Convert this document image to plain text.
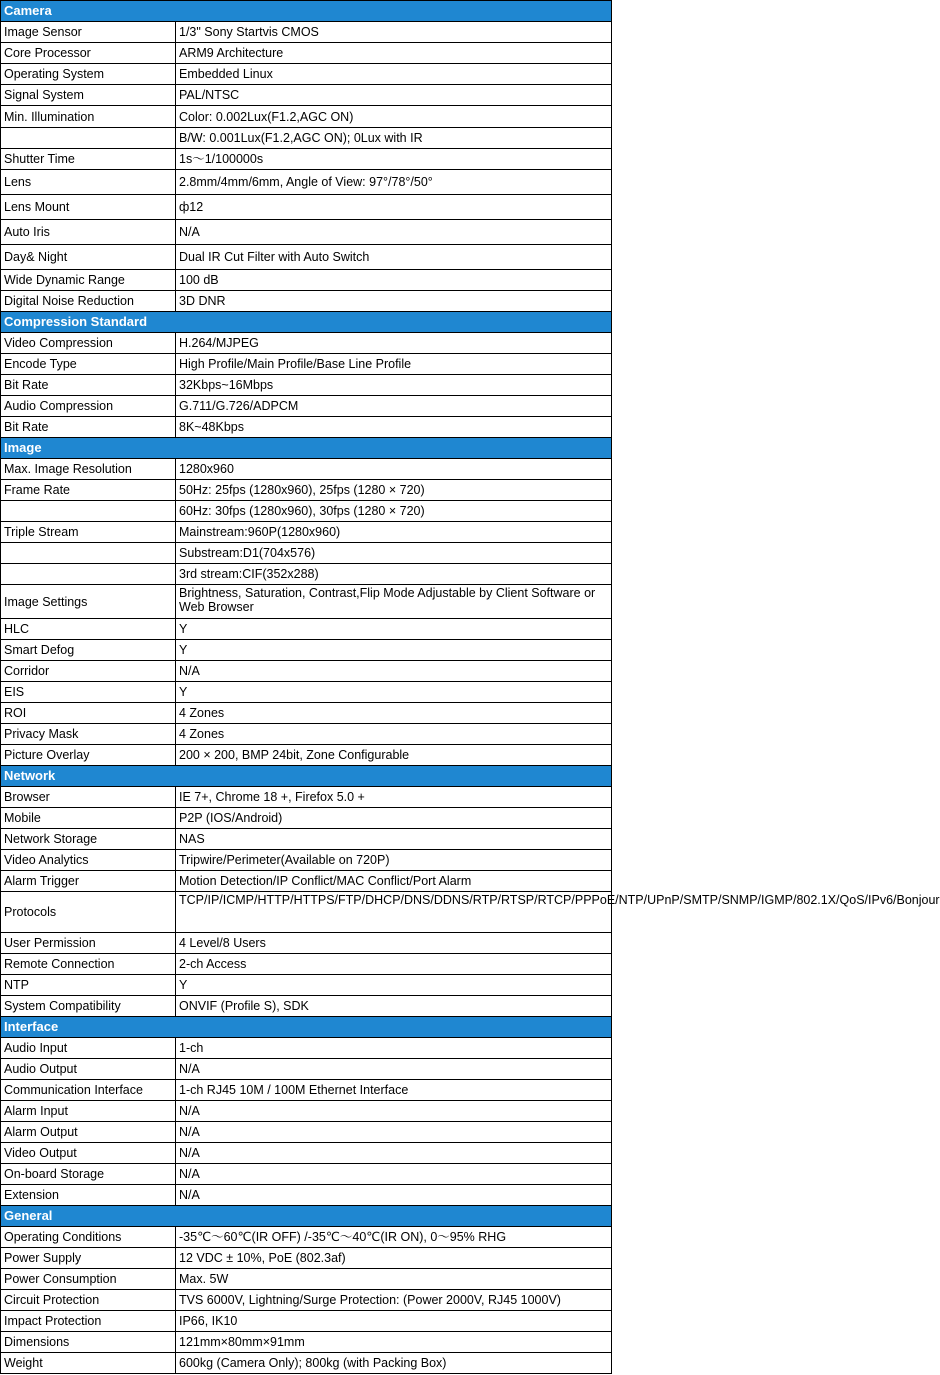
Camera	
Image Sensor	1/3" Sony Startvis CMOS
Core Processor	ARM9 Architecture
Operating System	Embedded Linux
Signal System	PAL/NTSC
Min. Illumination	Color: 0.002Lux(F1.2,AGC ON)
	B/W: 0.001Lux(F1.2,AGC ON); 0Lux with IR
Shutter Time	1s～1/100000s
Lens	2.8mm/4mm/6mm, Angle of View: 97°/78°/50°
Lens Mount	ф12
Auto Iris	N/A
Day& Night	Dual IR Cut Filter with Auto Switch
Wide Dynamic Range	100 dB
Digital Noise Reduction	3D DNR
Compression Standard	
Video Compression	H.264/MJPEG
Encode Type	High Profile/Main Profile/Base Line Profile
Bit Rate	32Kbps~16Mbps
Audio Compression	G.711/G.726/ADPCM
Bit Rate	8K~48Kbps
Image	
Max. Image Resolution	1280x960
Frame Rate	50Hz: 25fps (1280x960), 25fps (1280 × 720)
	60Hz: 30fps (1280x960), 30fps (1280 × 720)
Triple Stream	Mainstream:960P(1280x960)
	Substream:D1(704x576)
	3rd stream:CIF(352x288)
Image Settings	Brightness, Saturation, Contrast,Flip Mode Adjustable by Client Software or Web Browser
HLC	Y
Smart Defog	Y
Corridor	N/A
EIS	Y
ROI	4 Zones
Privacy Mask	4 Zones
Picture Overlay	200 × 200, BMP 24bit, Zone Configurable
Network	
Browser	IE 7+, Chrome 18 +, Firefox 5.0 +
Mobile	P2P (IOS/Android)
Network Storage	NAS
Video Analytics	Tripwire/Perimeter(Available on 720P)
Alarm Trigger	Motion Detection/IP Conflict/MAC Conflict/Port Alarm
Protocols	TCP/IP/ICMP/HTTP/HTTPS/FTP/DHCP/DNS/DDNS/RTP/RTSP/RTCP/PPPoE/NTP/UPnP/SMTP/SNMP/IGMP/802.1X/QoS/IPv6/Bonjour
User Permission	4 Level/8 Users
Remote Connection	2-ch Access
NTP	Y
System Compatibility	ONVIF (Profile S), SDK
Interface	
Audio Input	1-ch
Audio Output	N/A
Communication Interface	1-ch RJ45 10M / 100M Ethernet Interface
Alarm Input	N/A
Alarm Output	N/A
Video Output	N/A
On-board Storage	N/A
Extension	N/A
General	
Operating Conditions	-35℃～60℃(IR OFF) /-35℃～40℃(IR ON), 0～95% RHG
Power Supply	12 VDC ± 10%, PoE (802.3af)
Power Consumption	Max. 5W
Circuit Protection	TVS 6000V, Lightning/Surge Protection: (Power 2000V, RJ45 1000V)
Impact Protection	IP66, IK10
Dimensions	121mm×80mm×91mm
Weight	600kg (Camera Only); 800kg (with Packing Box)
